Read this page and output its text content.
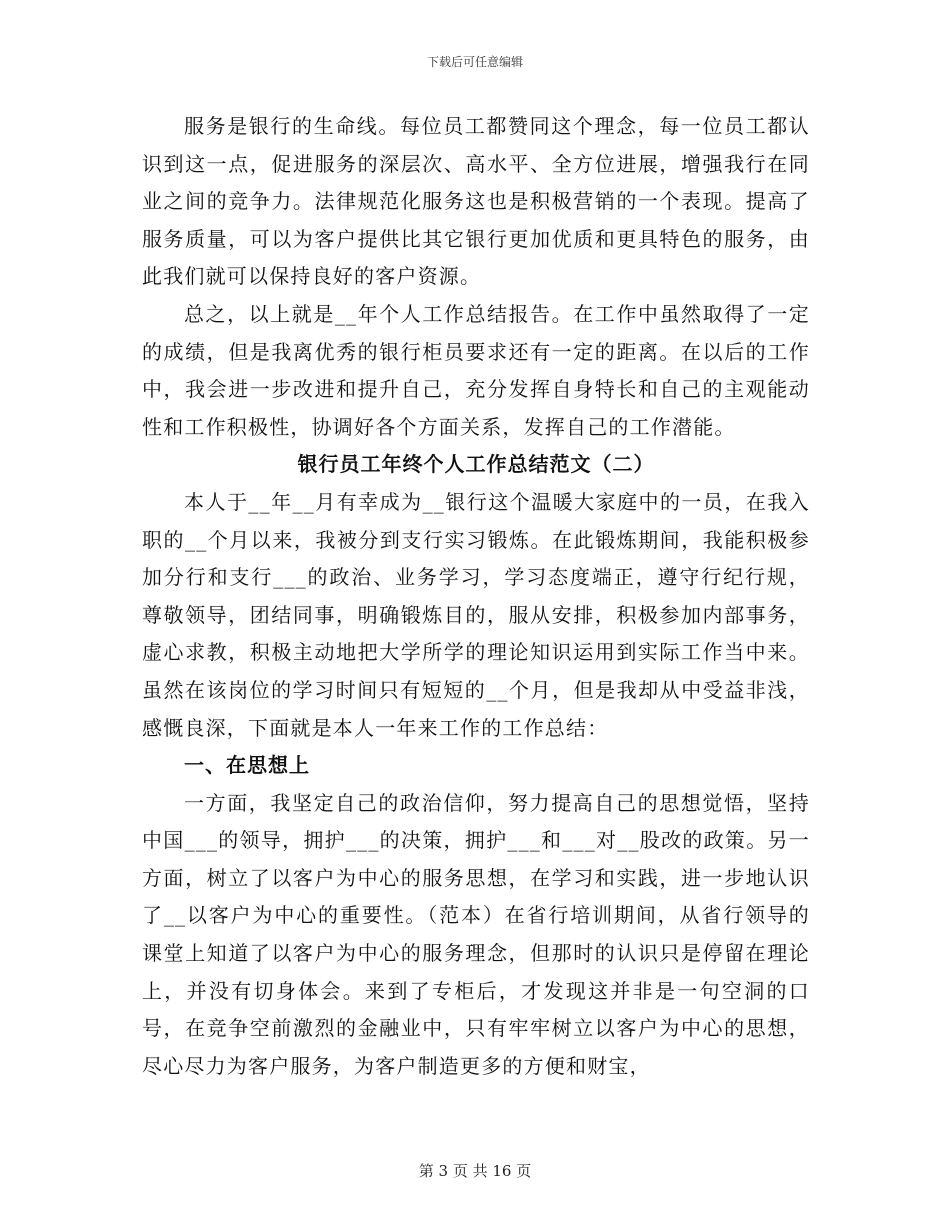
下载后可任意编辑

服务是银行的生命线。每位员工都赞同这个理念，每一位员工都认识到这一点，促进服务的深层次、高水平、全方位进展，增强我行在同业之间的竞争力。法律规范化服务这也是积极营销的一个表现。提高了服务质量，可以为客户提供比其它银行更加优质和更具特色的服务，由此我们就可以保持良好的客户资源。

总之，以上就是__年个人工作总结报告。在工作中虽然取得了一定的成绩，但是我离优秀的银行柜员要求还有一定的距离。在以后的工作中，我会进一步改进和提升自己，充分发挥自身特长和自己的主观能动性和工作积极性，协调好各个方面关系，发挥自己的工作潜能。

银行员工年终个人工作总结范文（二）

本人于__年__月有幸成为__银行这个温暖大家庭中的一员，在我入职的__个月以来，我被分到支行实习锻炼。在此锻炼期间，我能积极参加分行和支行___的政治、业务学习，学习态度端正，遵守行纪行规，尊敬领导，团结同事，明确锻炼目的，服从安排，积极参加内部事务，虚心求教，积极主动地把大学所学的理论知识运用到实际工作当中来。虽然在该岗位的学习时间只有短短的__个月，但是我却从中受益非浅，感慨良深，下面就是本人一年来工作的工作总结：

一、在思想上

一方面，我坚定自己的政治信仰，努力提高自己的思想觉悟，坚持中国___的领导，拥护___的决策，拥护___和___对__股改的政策。另一方面，树立了以客户为中心的服务思想，在学习和实践，进一步地认识了__以客户为中心的重要性。（范本）在省行培训期间，从省行领导的课堂上知道了以客户为中心的服务理念，但那时的认识只是停留在理论上，并没有切身体会。来到了专柜后，才发现这并非是一句空洞的口号，在竞争空前激烈的金融业中，只有牢牢树立以客户为中心的思想，尽心尽力为客户服务，为客户制造更多的方便和财宝，

第 3 页 共 16 页
